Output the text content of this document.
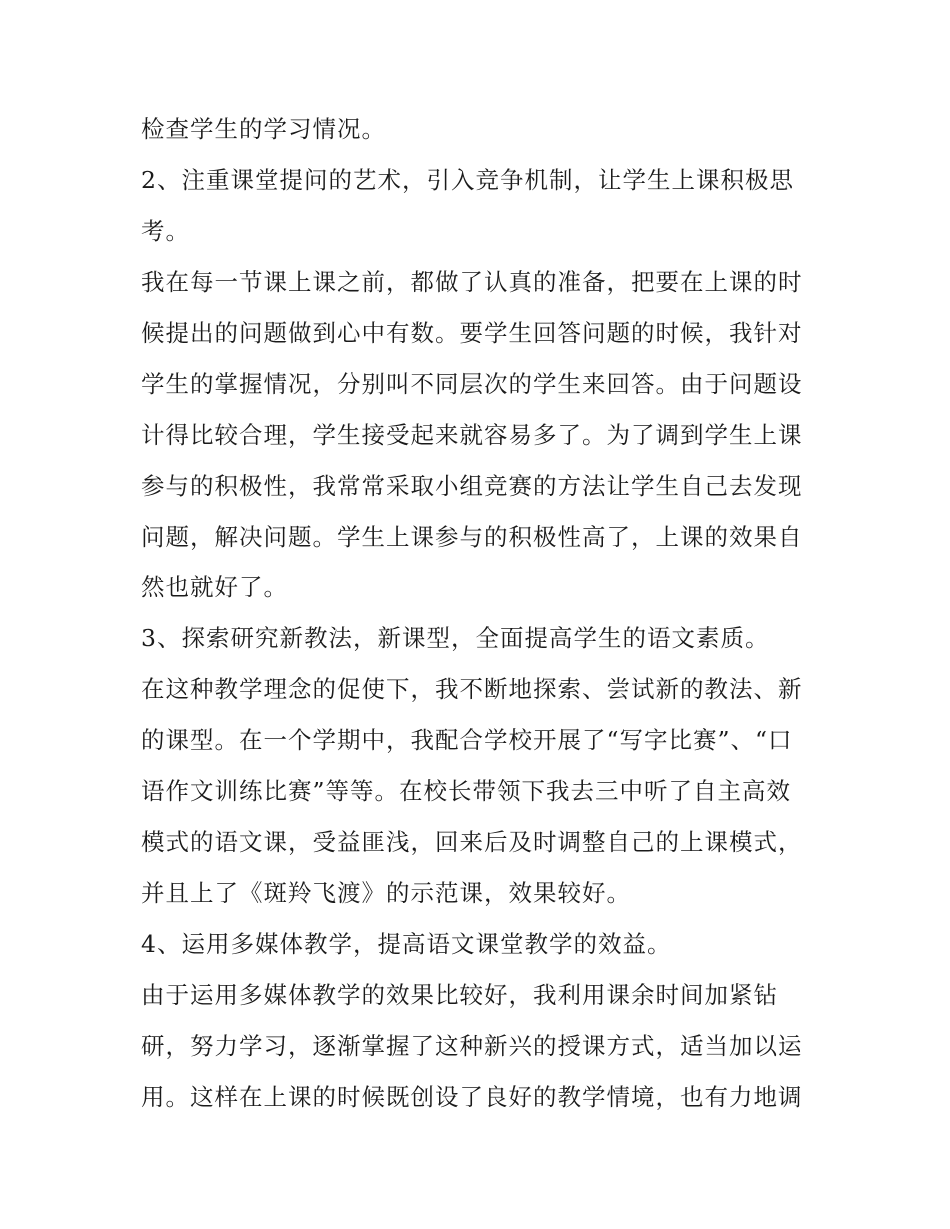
检查学生的学习情况。
2、注重课堂提问的艺术，引入竞争机制，让学生上课积极思
考。
我在每一节课上课之前，都做了认真的准备，把要在上课的时
候提出的问题做到心中有数。要学生回答问题的时候，我针对
学生的掌握情况，分别叫不同层次的学生来回答。由于问题设
计得比较合理，学生接受起来就容易多了。为了调到学生上课
参与的积极性，我常常采取小组竞赛的方法让学生自己去发现
问题，解决问题。学生上课参与的积极性高了，上课的效果自
然也就好了。
3、探索研究新教法，新课型，全面提高学生的语文素质。
在这种教学理念的促使下，我不断地探索、尝试新的教法、新
的课型。在一个学期中，我配合学校开展了“写字比赛”、“口
语作文训练比赛”等等。在校长带领下我去三中听了自主高效
模式的语文课，受益匪浅，回来后及时调整自己的上课模式，
并且上了《斑羚飞渡》的示范课，效果较好。
4、运用多媒体教学，提高语文课堂教学的效益。
由于运用多媒体教学的效果比较好，我利用课余时间加紧钻
研，努力学习，逐渐掌握了这种新兴的授课方式，适当加以运
用。这样在上课的时候既创设了良好的教学情境，也有力地调
